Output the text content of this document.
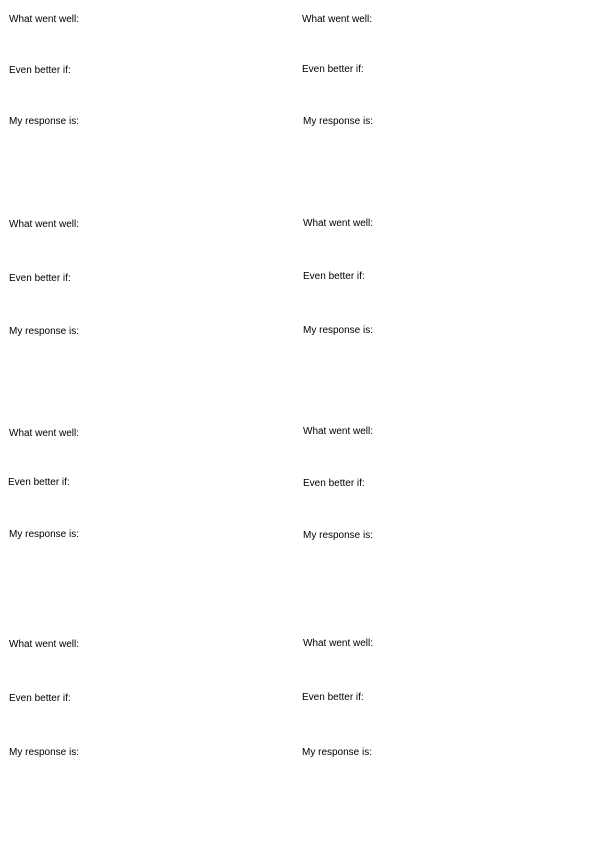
What went well:
Even better if:
My response is:
What went well:
Even better if:
My response is:
What went well:
Even better if:
My response is:
What went well:
Even better if:
My response is:
What went well:
Even better if:
My response is:
What went well:
Even better if:
My response is:
What went well:
Even better if:
My response is:
What went well:
Even better if:
My response is:
